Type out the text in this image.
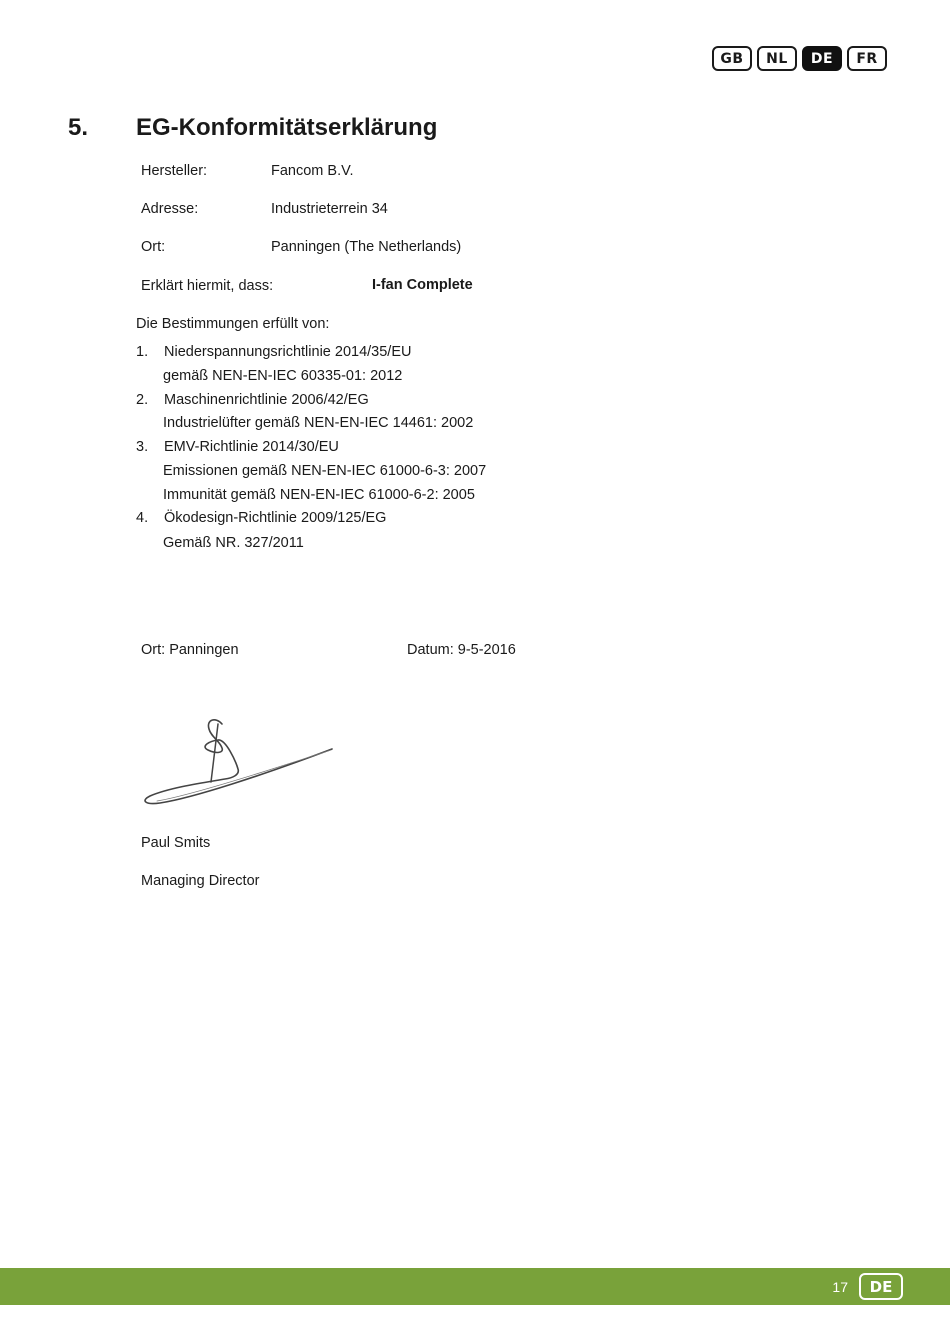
GB	NL	DE	FR
5. EG-Konformitätserklärung
Hersteller:	Fancom B.V.
Adresse:	Industrieterrein 34
Ort:	Panningen (The Netherlands)
Erklärt hiermit, dass:	I-fan Complete
Die Bestimmungen erfüllt von:
1. Niederspannungsrichtlinie 2014/35/EU
gemäß NEN-EN-IEC 60335-01: 2012
2. Maschinenrichtlinie 2006/42/EG
Industrielüfter gemäß NEN-EN-IEC 14461: 2002
3. EMV-Richtlinie 2014/30/EU
Emissionen gemäß NEN-EN-IEC 61000-6-3: 2007
Immunität gemäß NEN-EN-IEC 61000-6-2: 2005
4. Ökodesign-Richtlinie 2009/125/EG
Gemäß NR. 327/2011
Ort: Panningen	Datum: 9-5-2016
Paul Smits
Managing Director
17	DE
